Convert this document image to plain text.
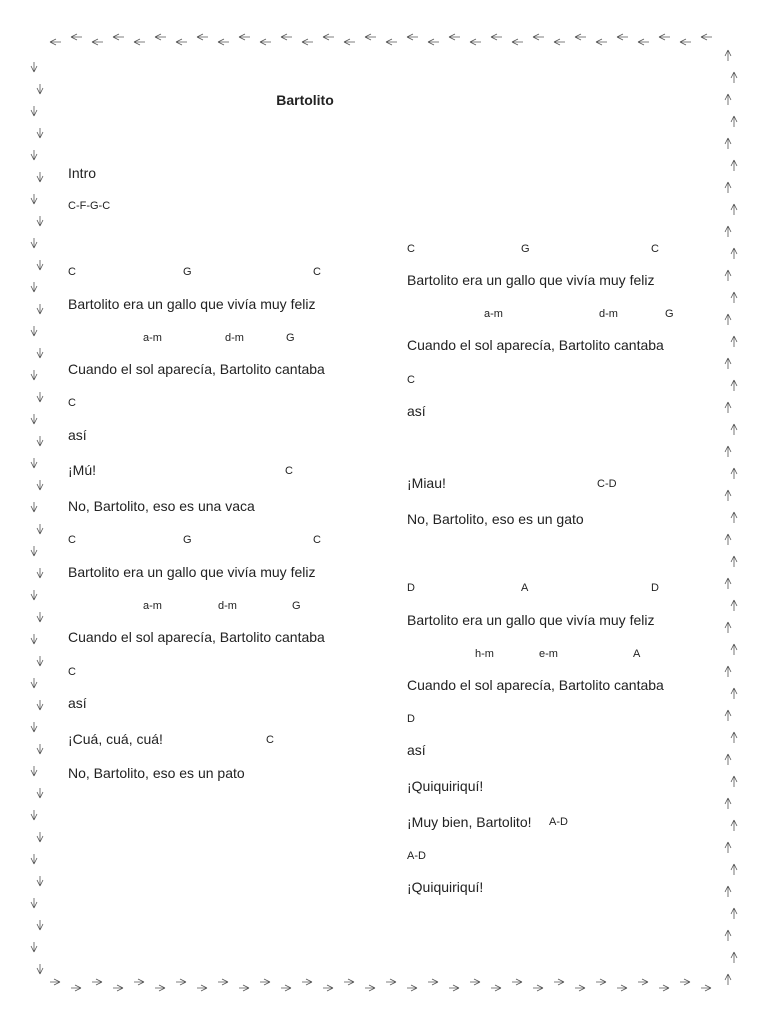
Bartolito
Intro
C-F-G-C
C	G	C
Bartolito era un gallo que vivía muy feliz
a-m	d-m	G
Cuando el sol aparecía, Bartolito cantaba
C
así
¡Mú!	C
No, Bartolito, eso es una vaca
C	G	C
Bartolito era un gallo que vivía muy feliz
a-m	d-m	G
Cuando el sol aparecía, Bartolito cantaba
C
así
¡Cuá, cuá, cuá!	C
No, Bartolito, eso es un pato
C	G	C
Bartolito era un gallo que vivía muy feliz
a-m	d-m	G
Cuando el sol aparecía, Bartolito cantaba
C
así
¡Miau!	C-D
No, Bartolito, eso es un gato
D	A	D
Bartolito era un gallo que vivía muy feliz
h-m	e-m	A
Cuando el sol aparecía, Bartolito cantaba
D
así
¡Quiquiriquí!
¡Muy bien, Bartolito! A-D
A-D
¡Quiquiriquí!
